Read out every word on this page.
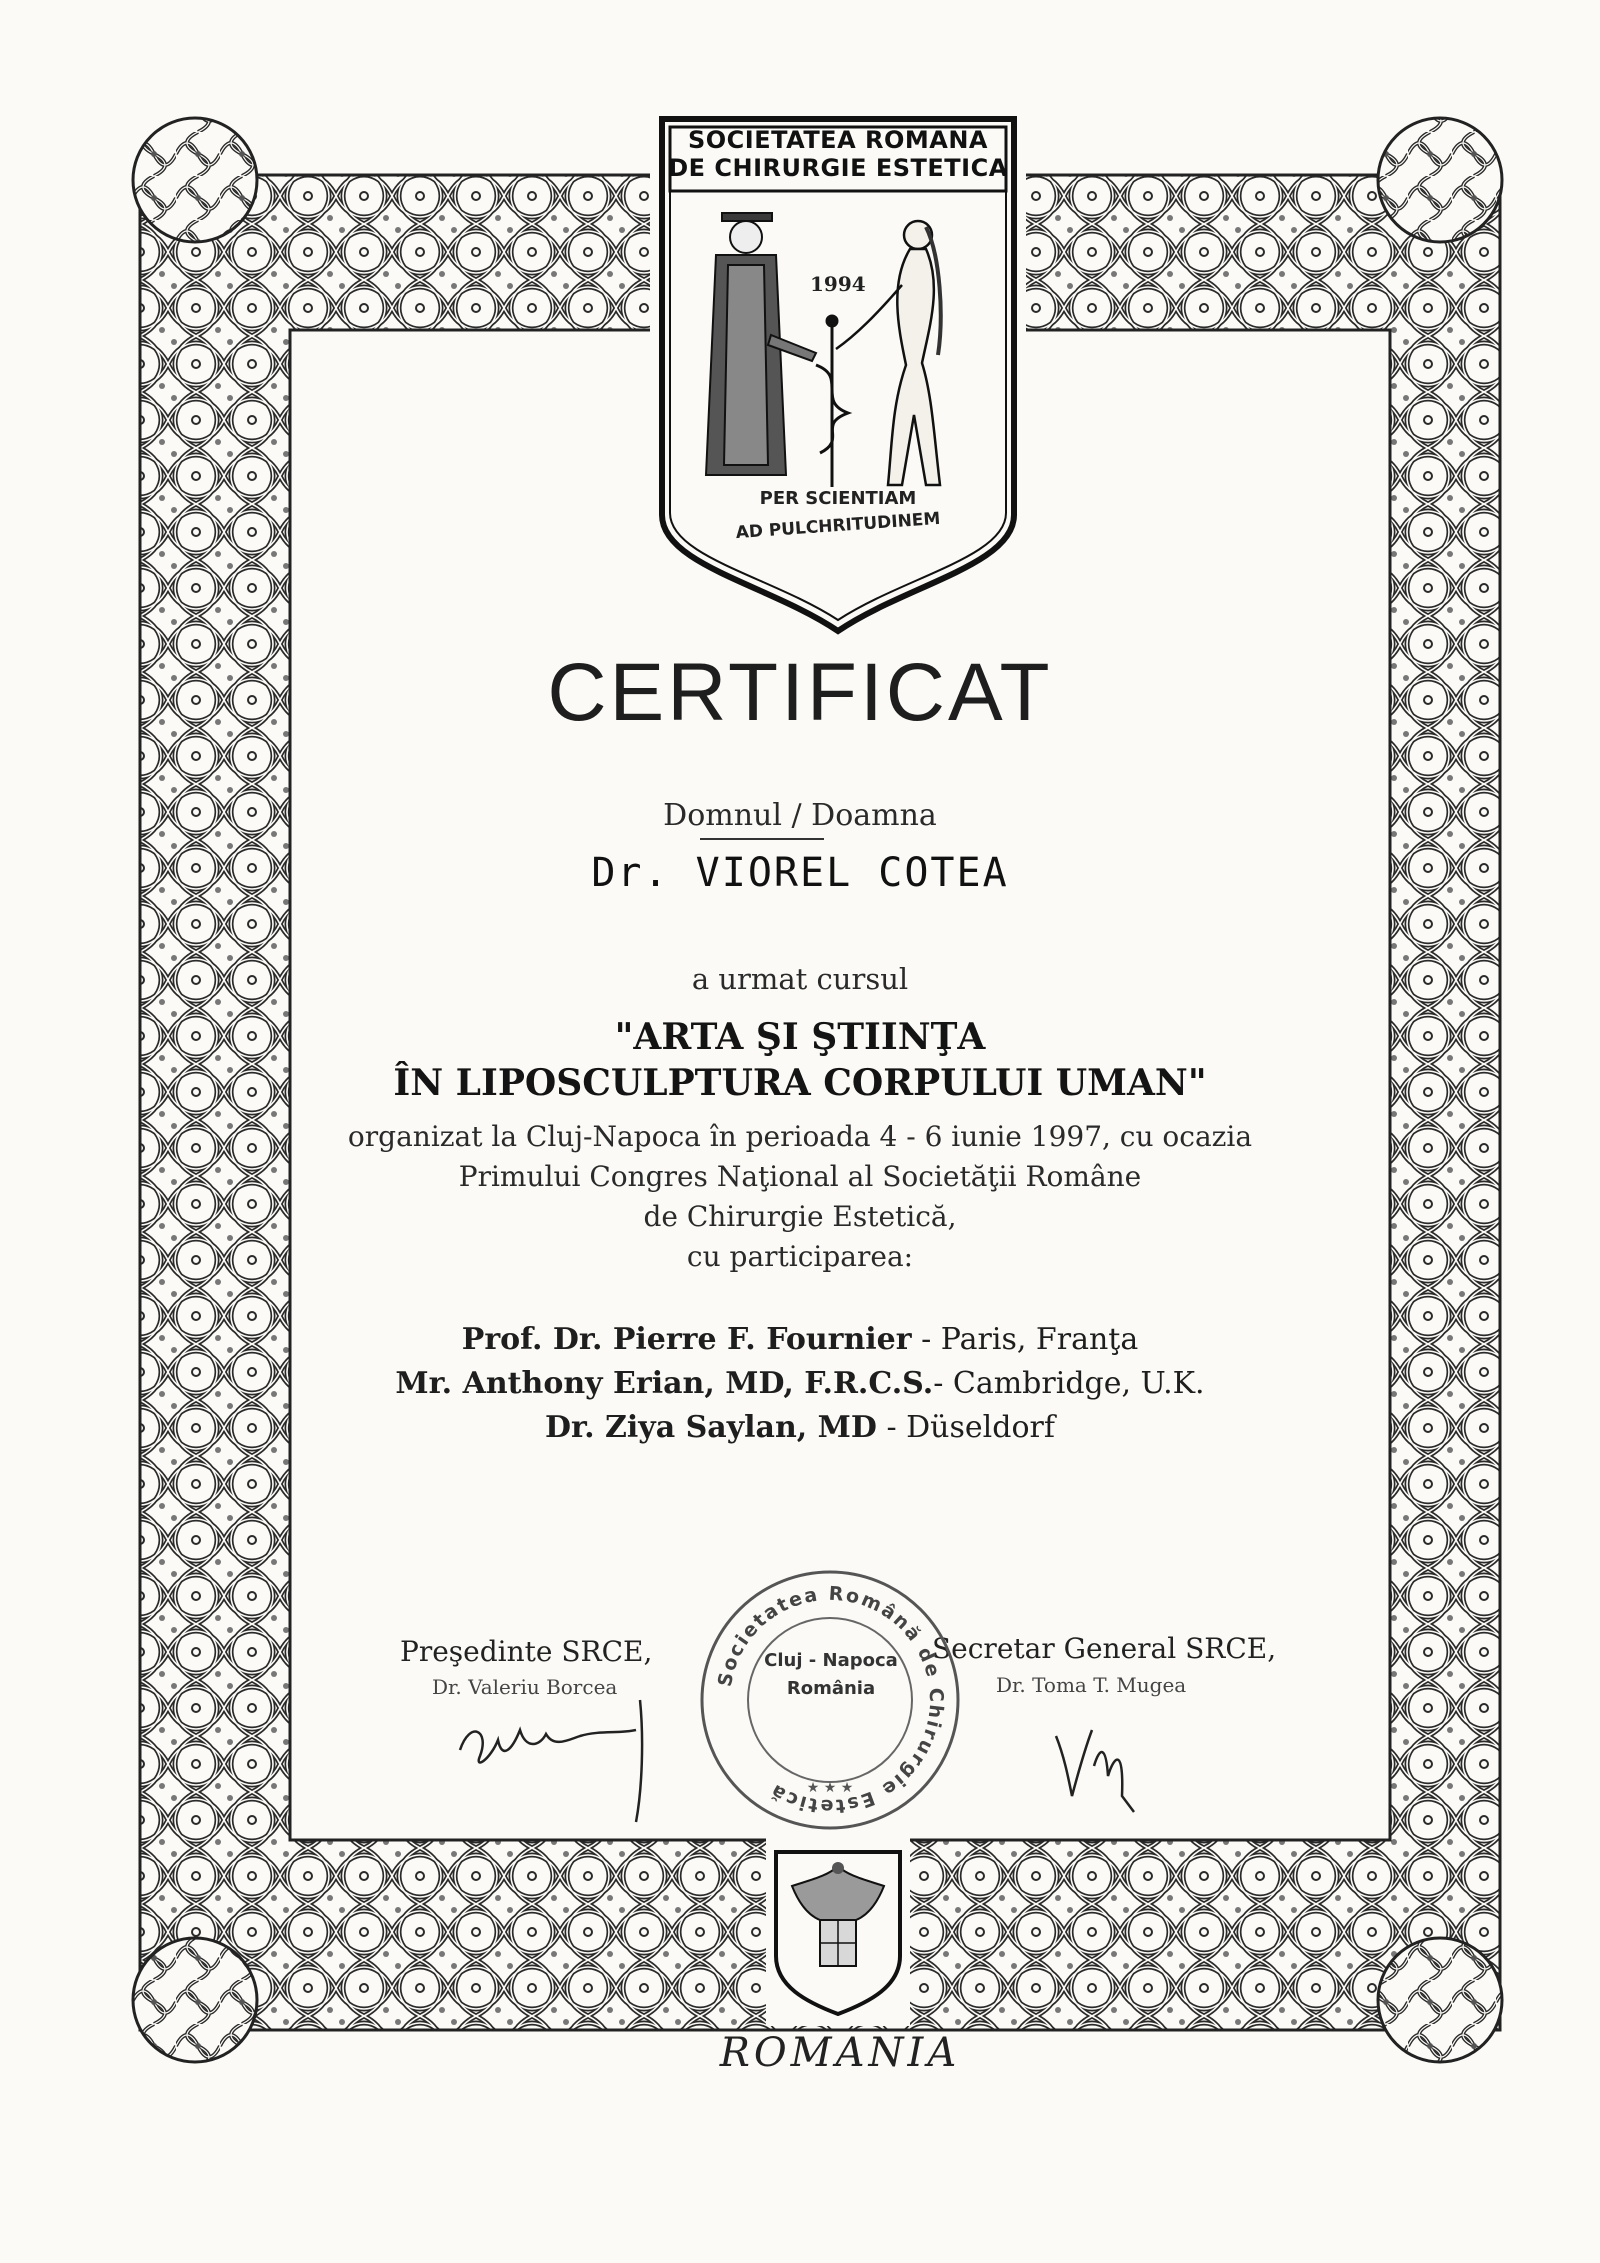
SOCIETATEA ROMANA
DE CHIRURGIE ESTETICA
1994
PER SCIENTIAM
AD PULCHRITUDINEM
CERTIFICAT
Domnul / Doamna
Dr. VIOREL COTEA
a urmat cursul
"ARTA ŞI ŞTIINŢA
ÎN LIPOSCULPTURA CORPULUI UMAN"
organizat la Cluj-Napoca în perioada 4 - 6 iunie 1997, cu ocazia
Primului Congres Naţional al Societăţii Române
de Chirurgie Estetică,
cu participarea:
Prof. Dr. Pierre F. Fournier - Paris, Franţa
Mr. Anthony Erian, MD, F.R.C.S.- Cambridge, U.K.
Dr. Ziya Saylan, MD - Düseldorf
Preşedinte SRCE,
Dr. Valeriu Borcea
Secretar General SRCE,
Dr. Toma T. Mugea
Societatea Română de Chirurgie Estetică	★ ★ ★
Cluj - Napoca
România
ROMANIA
